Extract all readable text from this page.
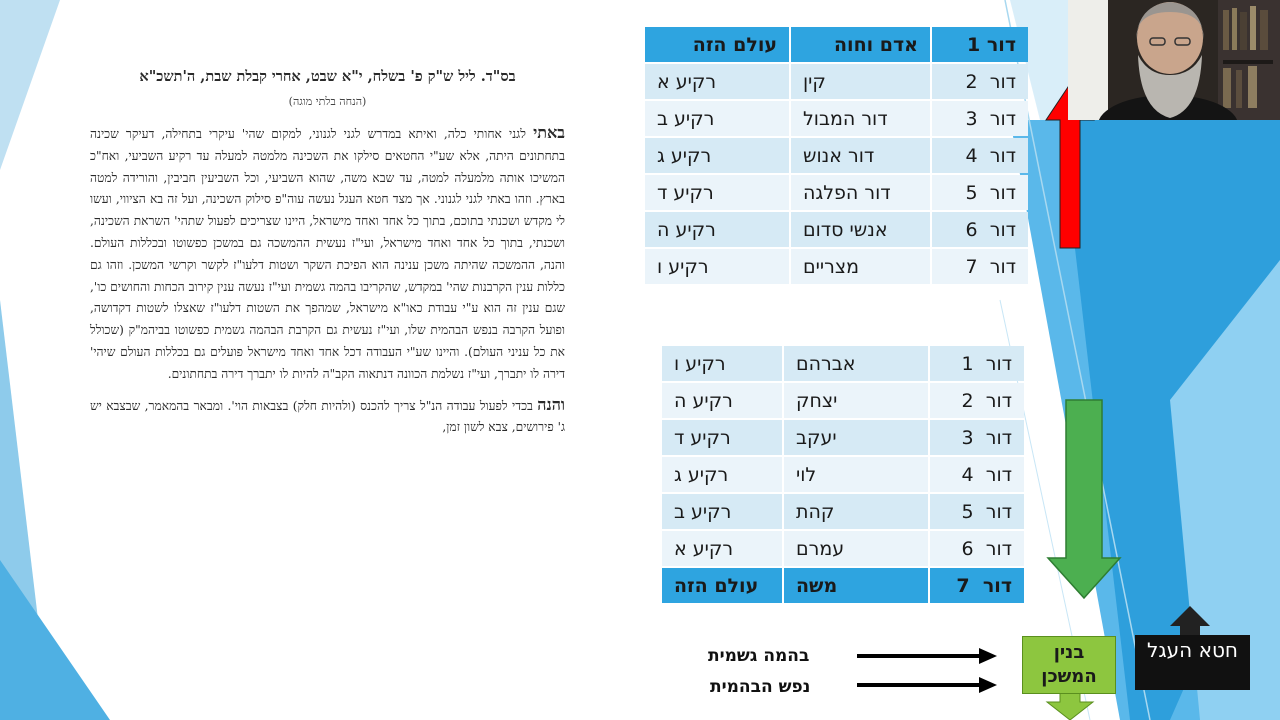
בס"ד. ליל ש"ק פ' בשלח, י"א שבט, אחרי קבלת שבת, ה'תשכ"א
(הנחה בלתי מוגה)

באתי לגני אחותי כלה, ואיתא במדרש לגני לגנוני, למקום שהי' עיקרי בתחילה, דעיקר שכינה בתחתונים היתה, אלא שע"י החטאים סילקו את השכינה מלמטה למעלה עד רקיע השביעי, ואח"כ המשיכו אותה מלמעלה למטה, עד שבא משה, שהוא השביעי, וכל השביעין חביבין, והורידה למטה בארץ. וזהו באתי לגני לגנוני. אך מצד חטא העגל נעשה עוה"פ סילוק השכינה, ועל זה בא הציווי, ועשו לי מקדש ושכנתי בתוכם, בתוך כל אחד ואחד מישראל, היינו שצריכים לפעול שתהי' השראת השכינה, ושכנתי, בתוך כל אחד ואחד מישראל, ועי"ז נעשית ההמשכה גם במשכן כפשוטו ובכללות העולם. והנה, ההמשכה שהיתה משכן ענינה הוא הפיכת השקר ושטות דלעו"ז לקשר וקרשי המשכן. וזהו גם כללות ענין הקרבנות שהי' במקדש, שהקריבו בהמה גשמית ועי"ז נעשה ענין קירוב הכחות והחושים כו', שגם ענין זה הוא ע"י עבודת כאו"א מישראל, שמהפך את השטות דלעו"ז שאצלו לשטות דקדושה, ופועל הקרבה בנפש הבהמית שלו, ועי"ז נעשית גם הקרבת הבהמה גשמית כפשוטו בביהמ"ק (שכולל את כל עניני העולם). והיינו שע"י העבודה דכל אחד ואחד מישראל פועלים גם בכללות העולם שיהי' דירה לו יתברך, ועי"ז נשלמת הכוונה דנתאוה הקב"ה להיות לו יתברך דירה בתחתונים.

והנה בכדי לפעול עבודה הנ"ל צריך להכנס (ולהיות חלק) בצבאות הוי'. ומבאר בהמאמר, שבצבא יש ג' פירושים, צבא לשון זמן,

דור 1	אדם וחוה	עולם הזה
דור  2	קין	רקיע א
דור  3	דור המבול	רקיע ב
דור  4	דור אנוש	רקיע ג
דור  5	דור הפלגה	רקיע ד
דור  6	אנשי סדום	רקיע ה
דור  7	מצריים	רקיע ו
דור  1	אברהם	רקיע ו
דור  2	יצחק	רקיע ה
דור  3	יעקב	רקיע ד
דור  4	לוי	רקיע ג
דור  5	קהת	רקיע ב
דור  6	עמרם	רקיע א
דור  7	משה	עולם הזה
בנין המשכן
חטא העגל
בהמה גשמית
נפש הבהמית
